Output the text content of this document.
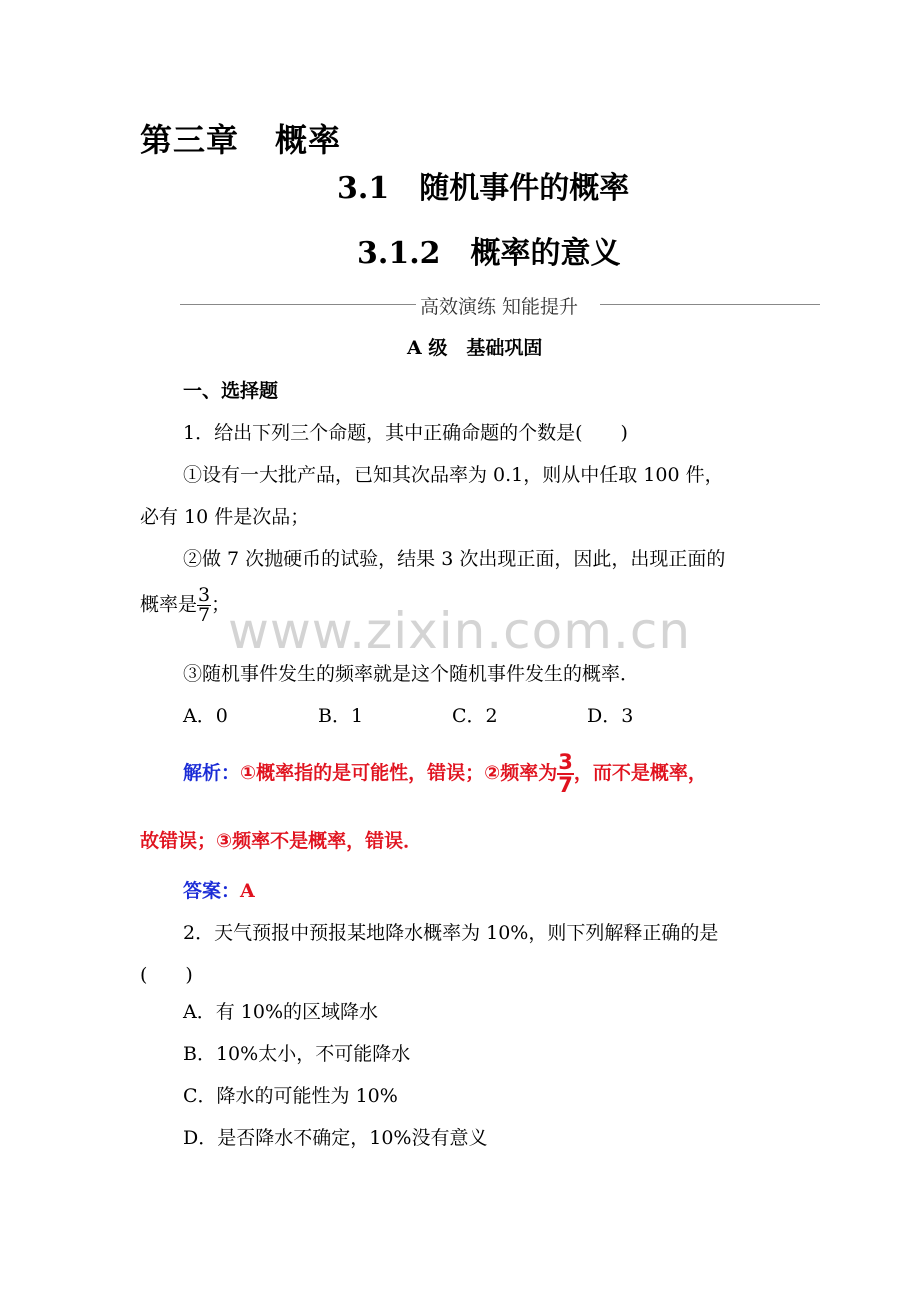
第三章 概率
3.1　随机事件的概率
3.1.2　概率的意义
高效演练 知能提升
A 级　基础巩固
一、选择题
1．给出下列三个命题，其中正确命题的个数是(　　)
①设有一大批产品，已知其次品率为 0.1，则从中任取 100 件，
必有 10 件是次品；
②做 7 次抛硬币的试验，结果 3 次出现正面，因此，出现正面的
概率是 $\frac{3}{7}$ ；
www.zixin.com.cn
③随机事件发生的频率就是这个随机事件发生的概率．
A．0	B．1	C．2	D．3
解析：①概率指的是可能性，错误；②频率为 $\frac{3}{7}$ ，而不是概率，
故错误；③频率不是概率，错误．
答案：A
2．天气预报中预报某地降水概率为 10%，则下列解释正确的是
(　　)
A．有 10%的区域降水
B．10%太小，不可能降水
C．降水的可能性为 10%
D．是否降水不确定，10%没有意义
